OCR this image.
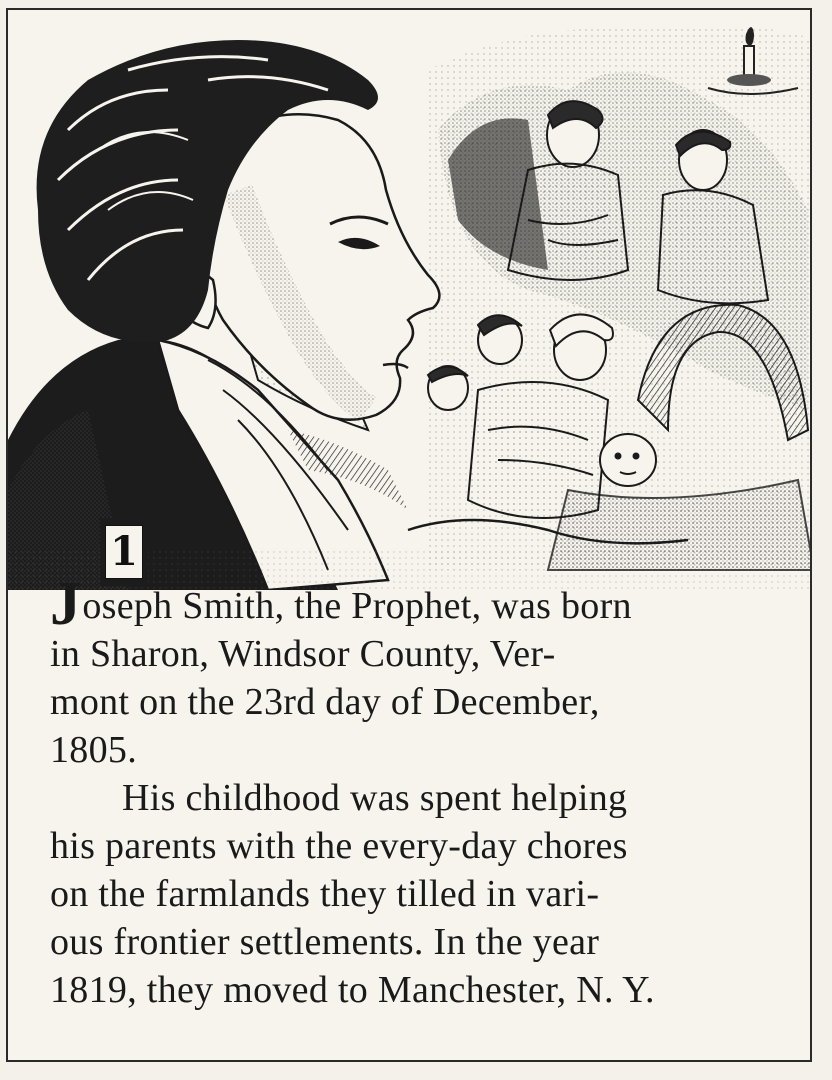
1
Joseph Smith, the Prophet, was born
in Sharon, Windsor County, Ver-
mont on the 23rd day of December,
1805.
His childhood was spent helping
his parents with the every-day chores
on the farmlands they tilled in vari-
ous frontier settlements. In the year
1819, they moved to Manchester, N. Y.
